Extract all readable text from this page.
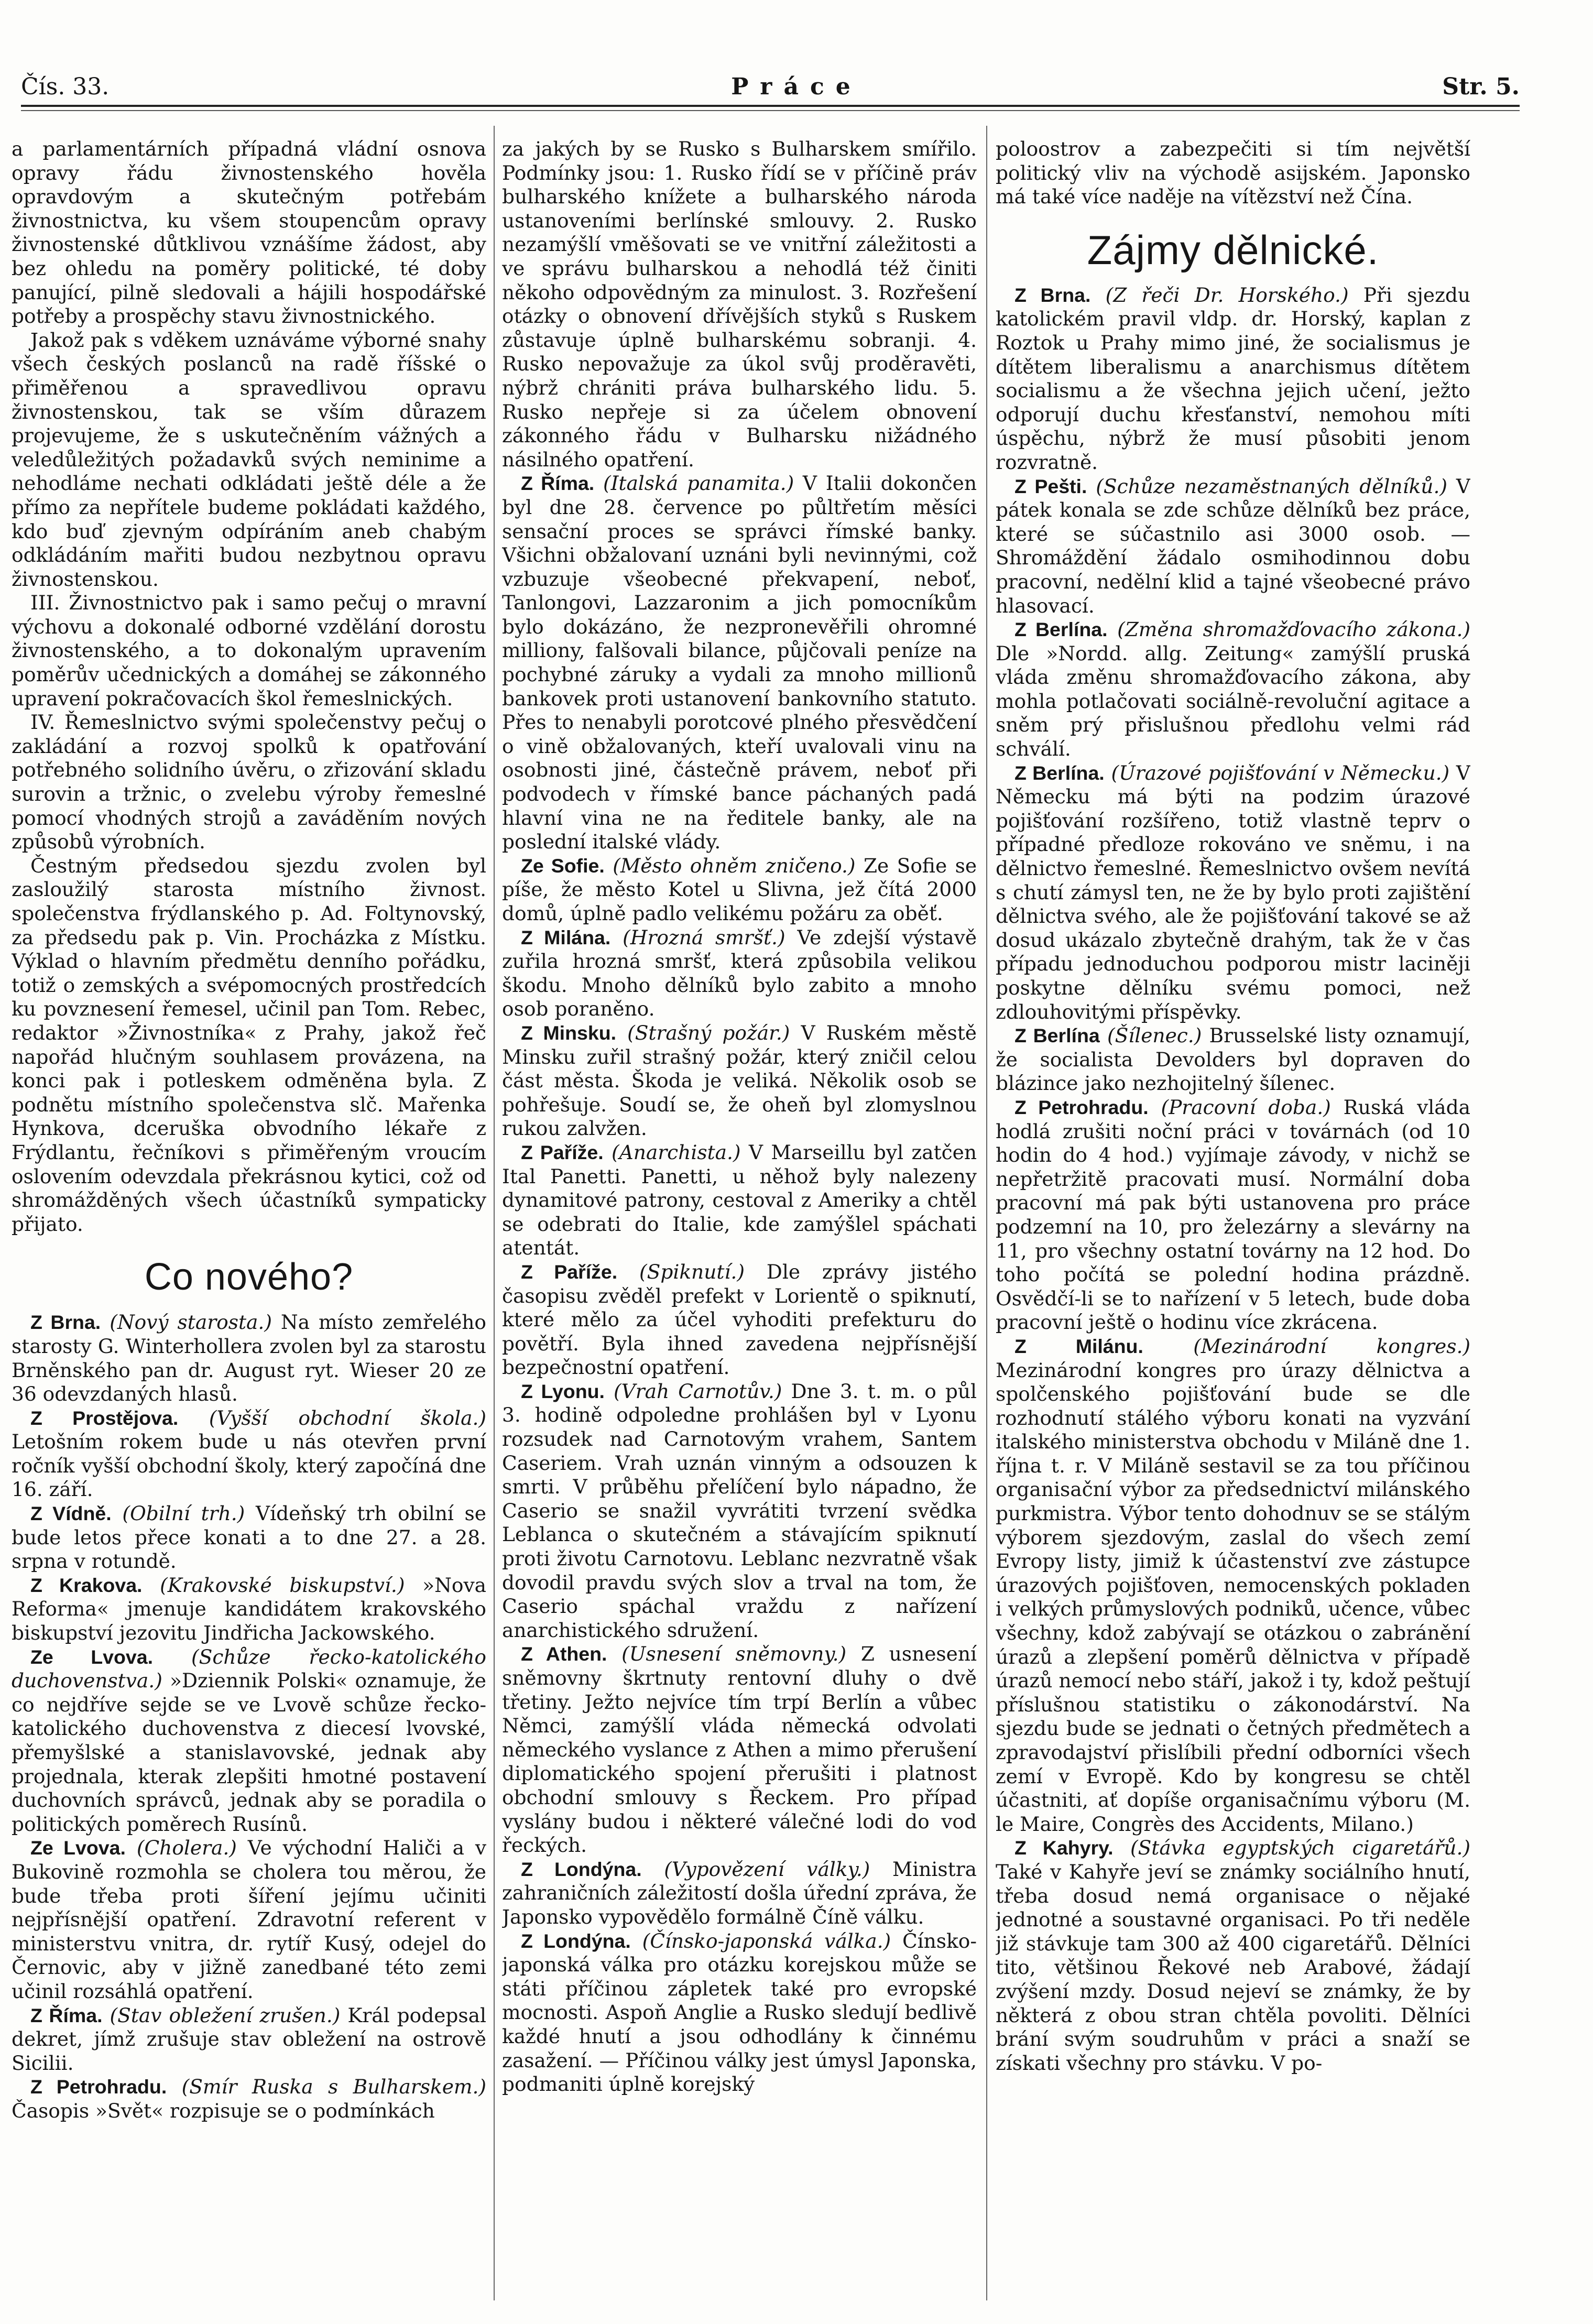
Čís. 33.	Práce	Str. 5.

a parlamentárních případná vládní osnova opravy řádu živnostenského hověla opravdovým a skutečným potřebám živnostnictva, ku všem stoupencům opravy živnostenské důtklivou vznášíme žádost, aby bez ohledu na poměry politické, té doby panující, pilně sledovali a hájili hospodářské potřeby a prospěchy stavu živnostnického.

Jakož pak s vděkem uznáváme výborné snahy všech českých poslanců na radě říšské o přiměřenou a spravedlivou opravu živnostenskou, tak se vším důrazem projevujeme, že s uskutečněním vážných a veledůležitých požadavků svých neminime a nehodláme nechati odkládati ještě déle a že přímo za nepřítele budeme pokládati každého, kdo buď zjevným odpíráním aneb chabým odkládáním mařiti budou nezbytnou opravu živnostenskou.

III. Živnostnictvo pak i samo pečuj o mravní výchovu a dokonalé odborné vzdělání dorostu živnostenského, a to dokonalým upravením poměrův učednických a domáhej se zákonného upravení pokračovacích škol řemeslnických.

IV. Řemeslnictvo svými společenstvy pečuj o zakládání a rozvoj spolků k opatřování potřebného solidního úvěru, o zřizování skladu surovin a tržnic, o zvelebu výroby řemeslné pomocí vhodných strojů a zaváděním nových způsobů výrobních.

Čestným předsedou sjezdu zvolen byl zasloužilý starosta místního živnost. společenstva frýdlanského p. Ad. Foltynovský, za předsedu pak p. Vin. Procházka z Místku. Výklad o hlavním předmětu denního pořádku, totiž o zemských a svépomocných prostředcích ku povznesení řemesel, učinil pan Tom. Rebec, redaktor »Živnostníka« z Prahy, jakož řeč napořád hlučným souhlasem provázena, na konci pak i potleskem odměněna byla. Z podnětu místního společenstva slč. Mařenka Hynkova, dceruška obvodního lékaře z Frýdlantu, řečníkovi s přiměřeným vroucím oslovením odevzdala překrásnou kytici, což od shromážděných všech účastníků sympaticky přijato.

Co nového?

Z Brna. (Nový starosta.) Na místo zemřelého starosty G. Winterhollera zvolen byl za starostu Brněnského pan dr. August ryt. Wieser 20 ze 36 odevzdaných hlasů.

Z Prostějova. (Vyšší obchodní škola.) Letošním rokem bude u nás otevřen první ročník vyšší obchodní školy, který započíná dne 16. září.

Z Vídně. (Obilní trh.) Vídeňský trh obilní se bude letos přece konati a to dne 27. a 28. srpna v rotundě.

Z Krakova. (Krakovské biskupství.) »Nova Reforma« jmenuje kandidátem krakovského biskupství jezovitu Jindřicha Jackowského.

Ze Lvova. (Schůze řecko-katolického duchovenstva.) »Dziennik Polski« oznamuje, že co nejdříve sejde se ve Lvově schůze řecko-katolického duchovenstva z diecesí lvovské, přemyšlské a stanislavovské, jednak aby projednala, kterak zlepšiti hmotné postavení duchovních správců, jednak aby se poradila o politických poměrech Rusínů.

Ze Lvova. (Cholera.) Ve východní Haliči a v Bukovině rozmohla se cholera tou měrou, že bude třeba proti šíření jejímu učiniti nejpřísnější opatření. Zdravotní referent v ministerstvu vnitra, dr. rytíř Kusý, odejel do Černovic, aby v jižně zanedbané této zemi učinil rozsáhlá opatření.

Z Říma. (Stav obležení zrušen.) Král podepsal dekret, jímž zrušuje stav obležení na ostrově Sicilii.

Z Petrohradu. (Smír Ruska s Bulharskem.) Časopis »Svět« rozpisuje se o podmínkách

za jakých by se Rusko s Bulharskem smířilo. Podmínky jsou: 1. Rusko řídí se v příčině práv bulharského knížete a bulharského národa ustanoveními berlínské smlouvy. 2. Rusko nezamýšlí vměšovati se ve vnitřní záležitosti a ve správu bulharskou a nehodlá též činiti někoho odpovědným za minulost. 3. Rozřešení otázky o obnovení dřívějších styků s Ruskem zůstavuje úplně bulharskému sobranji. 4. Rusko nepovažuje za úkol svůj proděravěti, nýbrž chrániti práva bulharského lidu. 5. Rusko nepřeje si za účelem obnovení zákonného řádu v Bulharsku nižádného násilného opatření.

Z Říma. (Italská panamita.) V Italii dokončen byl dne 28. července po půltřetím měsíci sensační proces se správci římské banky. Všichni obžalovaní uznáni byli nevinnými, což vzbuzuje všeobecné překvapení, neboť, Tanlongovi, Lazzaronim a jich pomocníkům bylo dokázáno, že nezpronevěřili ohromné milliony, falšovali bilance, půjčovali peníze na pochybné záruky a vydali za mnoho millionů bankovek proti ustanovení bankovního statuto. Přes to nenabyli porotcové plného přesvědčení o vině obžalovaných, kteří uvalovali vinu na osobnosti jiné, částečně právem, neboť při podvodech v římské bance páchaných padá hlavní vina ne na ředitele banky, ale na poslední italské vlády.

Ze Sofie. (Město ohněm zničeno.) Ze Sofie se píše, že město Kotel u Slivna, jež čítá 2000 domů, úplně padlo velikému požáru za oběť.

Z Milána. (Hrozná smršť.) Ve zdejší výstavě zuřila hrozná smršť, která způsobila velikou škodu. Mnoho dělníků bylo zabito a mnoho osob poraněno.

Z Minsku. (Strašný požár.) V Ruském městě Minsku zuřil strašný požár, který zničil celou část města. Škoda je veliká. Několik osob se pohřešuje. Soudí se, že oheň byl zlomyslnou rukou zalvžen.

Z Paříže. (Anarchista.) V Marseillu byl zatčen Ital Panetti. Panetti, u něhož byly nalezeny dynamitové patrony, cestoval z Ameriky a chtěl se odebrati do Italie, kde zamýšlel spáchati atentát.

Z Paříže. (Spiknutí.) Dle zprávy jistého časopisu zvěděl prefekt v Lorientě o spiknutí, které mělo za účel vyhoditi prefekturu do povětří. Byla ihned zavedena nejpřísnější bezpečnostní opatření.

Z Lyonu. (Vrah Carnotův.) Dne 3. t. m. o půl 3. hodině odpoledne prohlášen byl v Lyonu rozsudek nad Carnotovým vrahem, Santem Caseriem. Vrah uznán vinným a odsouzen k smrti. V průběhu přelíčení bylo nápadno, že Caserio se snažil vyvrátiti tvrzení svědka Leblanca o skutečném a stávajícím spiknutí proti životu Carnotovu. Leblanc nezvratně však dovodil pravdu svých slov a trval na tom, že Caserio spáchal vraždu z nařízení anarchistického sdružení.

Z Athen. (Usnesení sněmovny.) Z usnesení sněmovny škrtnuty rentovní dluhy o dvě třetiny. Ježto nejvíce tím trpí Berlín a vůbec Němci, zamýšlí vláda německá odvolati německého vyslance z Athen a mimo přerušení diplomatického spojení přerušiti i platnost obchodní smlouvy s Řeckem. Pro případ vyslány budou i některé válečné lodi do vod řeckých.

Z Londýna. (Vypovězení války.) Ministra zahraničních záležitostí došla úřední zpráva, že Japonsko vypovědělo formálně Číně válku.

Z Londýna. (Čínsko-japonská válka.) Čínsko-japonská válka pro otázku korejskou může se státi příčinou zápletek také pro evropské mocnosti. Aspoň Anglie a Rusko sledují bedlivě každé hnutí a jsou odhodlány k činnému zasažení. — Příčinou války jest úmysl Japonska, podmaniti úplně korejský

poloostrov a zabezpečiti si tím největší politický vliv na východě asijském. Japonsko má také více naděje na vítězství než Čína.

Zájmy dělnické.

Z Brna. (Z řeči Dr. Horského.) Při sjezdu katolickém pravil vldp. dr. Horský, kaplan z Roztok u Prahy mimo jiné, že socialismus je dítětem liberalismu a anarchismus dítětem socialismu a že všechna jejich učení, ježto odporují duchu křesťanství, nemohou míti úspěchu, nýbrž že musí působiti jenom rozvratně.

Z Pešti. (Schůze nezaměstnaných dělníků.) V pátek konala se zde schůze dělníků bez práce, které se súčastnilo asi 3000 osob. — Shromáždění žádalo osmihodinnou dobu pracovní, nedělní klid a tajné všeobecné právo hlasovací.

Z Berlína. (Změna shromažďovacího zákona.) Dle »Nordd. allg. Zeitung« zamýšlí pruská vláda změnu shromažďovacího zákona, aby mohla potlačovati sociálně-revoluční agitace a sněm prý přislušnou předlohu velmi rád schválí.

Z Berlína. (Úrazové pojišťování v Německu.) V Německu má býti na podzim úrazové pojišťování rozšířeno, totiž vlastně teprv o případné předloze rokováno ve sněmu, i na dělnictvo řemeslné. Řemeslnictvo ovšem nevítá s chutí zámysl ten, ne že by bylo proti zajištění dělnictva svého, ale že pojišťování takové se až dosud ukázalo zbytečně drahým, tak že v čas případu jednoduchou podporou mistr laciněji poskytne dělníku svému pomoci, než zdlouhovitými příspěvky.

Z Berlína (Šílenec.) Brusselské listy oznamují, že socialista Devolders byl dopraven do blázince jako nezhojitelný šílenec.

Z Petrohradu. (Pracovní doba.) Ruská vláda hodlá zrušiti noční práci v továrnách (od 10 hodin do 4 hod.) vyjímaje závody, v nichž se nepřetržitě pracovati musí. Normální doba pracovní má pak býti ustanovena pro práce podzemní na 10, pro železárny a slevárny na 11, pro všechny ostatní továrny na 12 hod. Do toho počítá se polední hodina prázdně. Osvědčí-li se to nařízení v 5 letech, bude doba pracovní ještě o hodinu více zkrácena.

Z Milánu.	(Mezinárodní kongres.) Mezinárodní kongres pro úrazy dělnictva a spolčenského pojišťování bude se dle rozhodnutí stálého výboru konati na vyzvání italského ministerstva obchodu v Miláně dne 1. října t. r. V Miláně sestavil se za tou příčinou organisační výbor za předsednictví milánského purkmistra. Výbor tento dohodnuv se se stálým výborem sjezdovým, zaslal do všech zemí Evropy listy, jimiž k účastenství zve zástupce úrazových pojišťoven, nemocenských pokladen i velkých průmyslových podniků, učence, vůbec všechny, kdož zabývají se otázkou o zabránění úrazů a zlepšení poměrů dělnictva v případě úrazů nemocí nebo stáří, jakož i ty, kdož peštují příslušnou statistiku o zákonodárství. Na sjezdu bude se jednati o četných předmětech a zpravodajství přislíbili přední odborníci všech zemí v Evropě. Kdo by kongresu se chtěl účastniti, ať dopíše organisačnímu výboru (M. le Maire, Congrès des Accidents, Milano.)

Z Kahyry. (Stávka egyptských cigaretářů.) Také v Kahyře jeví se známky sociálního hnutí, třeba dosud nemá organisace o nějaké jednotné a soustavné organisaci. Po tři neděle již stávkuje tam 300 až 400 cigaretářů. Dělníci tito, většinou Řekové neb Arabové, žádají zvýšení mzdy. Dosud nejeví se známky, že by některá z obou stran chtěla povoliti. Dělníci brání svým soudruhům v práci a snaží se získati všechny pro stávku. V po-
